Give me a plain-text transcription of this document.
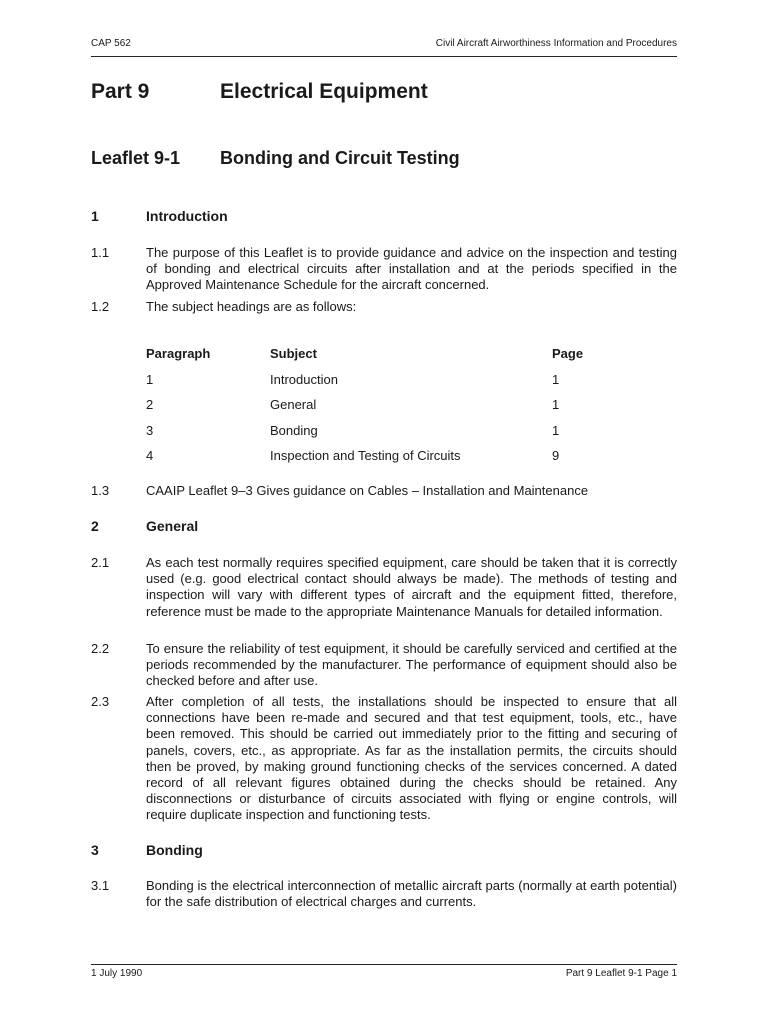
CAP 562	Civil Aircraft Airworthiness Information and Procedures
Part 9	Electrical Equipment
Leaflet 9-1	Bonding and Circuit Testing
1	Introduction
1.1	The purpose of this Leaflet is to provide guidance and advice on the inspection and testing of bonding and electrical circuits after installation and at the periods specified in the Approved Maintenance Schedule for the aircraft concerned.
1.2	The subject headings are as follows:
Paragraph	Subject	Page
1	Introduction	1
2	General	1
3	Bonding	1
4	Inspection and Testing of Circuits	9
1.3	CAAIP Leaflet 9–3 Gives guidance on Cables – Installation and Maintenance
2	General
2.1	As each test normally requires specified equipment, care should be taken that it is correctly used (e.g. good electrical contact should always be made). The methods of testing and inspection will vary with different types of aircraft and the equipment fitted, therefore, reference must be made to the appropriate Maintenance Manuals for detailed information.
2.2	To ensure the reliability of test equipment, it should be carefully serviced and certified at the periods recommended by the manufacturer. The performance of equipment should also be checked before and after use.
2.3	After completion of all tests, the installations should be inspected to ensure that all connections have been re-made and secured and that test equipment, tools, etc., have been removed. This should be carried out immediately prior to the fitting and securing of panels, covers, etc., as appropriate. As far as the installation permits, the circuits should then be proved, by making ground functioning checks of the services concerned. A dated record of all relevant figures obtained during the checks should be retained. Any disconnections or disturbance of circuits associated with flying or engine controls, will require duplicate inspection and functioning tests.
3	Bonding
3.1	Bonding is the electrical interconnection of metallic aircraft parts (normally at earth potential) for the safe distribution of electrical charges and currents.
1 July 1990	Part 9 Leaflet 9-1 Page 1
